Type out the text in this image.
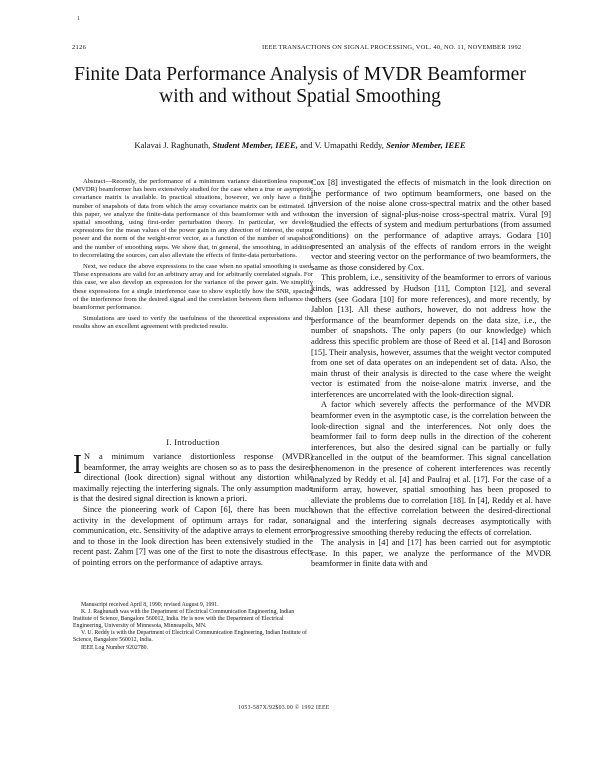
1
2126	IEEE TRANSACTIONS ON SIGNAL PROCESSING, VOL. 40, NO. 11, NOVEMBER 1992
Finite Data Performance Analysis of MVDR Beamformer with and without Spatial Smoothing
Kalavai J. Raghunath, Student Member, IEEE, and V. Umapathi Reddy, Senior Member, IEEE

Abstract—Recently, the performance of a minimum variance distortionless response (MVDR) beamformer has been extensively studied for the case when a true or asymptotic covariance matrix is available. In practical situations, however, we only have a finite number of snapshots of data from which the array covariance matrix can be estimated. In this paper, we analyze the finite-data performance of this beamformer with and without spatial smoothing, using first-order perturbation theory. In particular, we develop expressions for the mean values of the power gain in any direction of interest, the output power and the norm of the weight-error vector, as a function of the number of snapshots and the number of smoothing steps. We show that, in general, the smoothing, in addition to decorrelating the sources, can also alleviate the effects of finite-data perturbations.

Next, we reduce the above expressions to the case when no spatial smoothing is used. These expressions are valid for an arbitrary array and for arbitrarily correlated signals. For this case, we also develop an expression for the variance of the power gain. We simplify these expressions for a single interference case to show explicitly how the SNR, spacing of the interference from the desired signal and the correlation between them influence the beamformer performance.

Simulations are used to verify the usefulness of the theoretical expressions and the results show an excellent agreement with predicted results.

I. Introduction

I N a minimum variance distortionless response (MVDR) beamformer, the array weights are chosen so as to pass the desired directional (look direction) signal without any distortion while maximally rejecting the interfering signals. The only assumption made is that the desired signal direction is known a priori.

Since the pioneering work of Capon [6], there has been much activity in the development of optimum arrays for radar, sonar, communication, etc. Sensitivity of the adaptive arrays to element errors and to those in the look direction has been extensively studied in the recent past. Zahm [7] was one of the first to note the disastrous effects of pointing errors on the performance of adaptive arrays.

Manuscript received April 8, 1990; revised August 9, 1991.

K. J. Raghunath was with the Department of Electrical Communication Engineering, Indian Institute of Science, Bangalore 560012, India. He is now with the Department of Electrical Engineering, University of Minnesota, Minneapolis, MN.

V. U. Reddy is with the Department of Electrical Communication Engineering, Indian Institute of Science, Bangalore 560012, India.

IEEE Log Number 9202780.

Cox [8] investigated the effects of mismatch in the look direction on the performance of two optimum beamformers, one based on the inversion of the noise alone cross-spectral matrix and the other based on the inversion of signal-plus-noise cross-spectral matrix. Vural [9] studied the effects of system and medium perturbations (from assumed conditions) on the performance of adaptive arrays. Godara [10] presented an analysis of the effects of random errors in the weight vector and steering vector on the performance of two beamformers, the same as those considered by Cox.

This problem, i.e., sensitivity of the beamformer to errors of various kinds, was addressed by Hudson [11], Compton [12], and several others (see Godara [10] for more references), and more recently, by Jablon [13]. All these authors, however, do not address how the performance of the beamformer depends on the data size, i.e., the number of snapshots. The only papers (to our knowledge) which address this specific problem are those of Reed et al. [14] and Boroson [15]. Their analysis, however, assumes that the weight vector computed from one set of data operates on an independent set of data. Also, the main thrust of their analysis is directed to the case where the weight vector is estimated from the noise-alone matrix inverse, and the interferences are uncorrelated with the look-direction signal.

A factor which severely affects the performance of the MVDR beamformer even in the asymptotic case, is the correlation between the look-direction signal and the interferences. Not only does the beamformer fail to form deep nulls in the direction of the coherent interferences, but also the desired signal can be partially or fully cancelled in the output of the beamformer. This signal cancellation phenomenon in the presence of coherent interferences was recently analyzed by Reddy et al. [4] and Paulraj et al. [17]. For the case of a uniform array, however, spatial smoothing has been proposed to alleviate the problems due to correlation [18]. In [4], Reddy et al. have shown that the effective correlation between the desired-directional signal and the interfering signals decreases asymptotically with progressive smoothing thereby reducing the effects of correlation.

The analysis in [4] and [17] has been carried out for asymptotic case. In this paper, we analyze the performance of the MVDR beamformer in finite data with and

1053-587X/92$03.00 © 1992 IEEE
